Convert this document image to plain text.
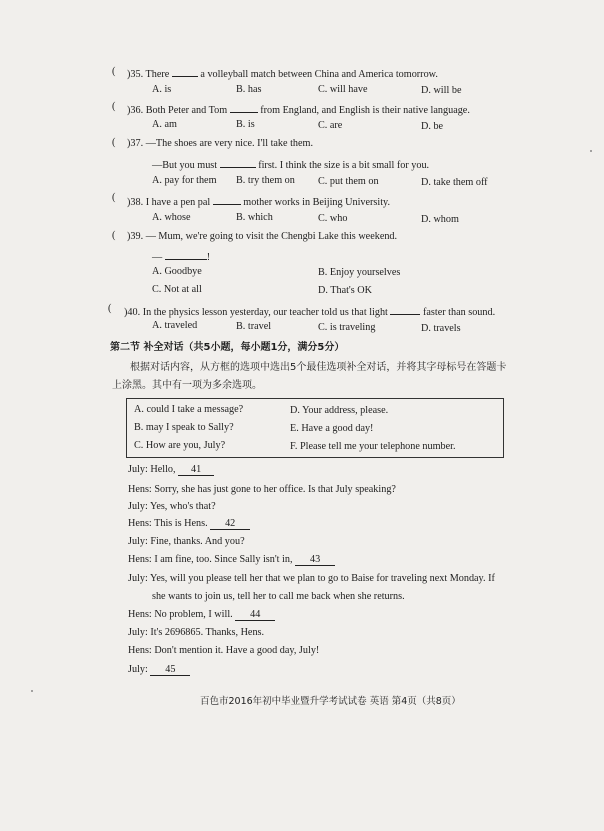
( )35. There	a volleyball match between China and America tomorrow.
A. is	B. has	C. will have	D. will be
( )36. Both Peter and Tom	from England, and English is their native language.
A. am	B. is	C. are	D. be
( )37. —The shoes are very nice. I'll take them.
—But you must	first. I think the size is a bit small for you.
A. pay for them B. try them on C. put them on	D. take them off
( )38. I have a pen pal	mother works in Beijing University.
A. whose	B. which	C. who	D. whom
( )39. — Mum, we're going to visit the Chengbi Lake this weekend.
—	!
A. Goodbye	B. Enjoy yourselves
C. Not at all	D. That's OK
( )40. In the physics lesson yesterday, our teacher told us that light	faster than sound.
A. traveled	B. travel	C. is traveling	D. travels
第二节 补全对话（共5小题，每小题1分，满分5分）
根据对话内容，从方框的选项中选出5个最佳选项补全对话，并将其字母标号在答题卡
上涂黑。其中有一项为多余选项。
A. could I take a message?
B. may I speak to Sally?
C. How are you, July?
D. Your address, please.
E. Have a good day!
F. Please tell me your telephone number.
July: Hello, 41
Hens: Sorry, she has just gone to her office. Is that July speaking?
July: Yes, who's that?
Hens: This is Hens. 42
July: Fine, thanks. And you?
Hens: I am fine, too. Since Sally isn't in, 43
July: Yes, will you please tell her that we plan to go to Baise for traveling next Monday. If
she wants to join us, tell her to call me back when she returns.
Hens: No problem, I will. 44
July: It's 2696865. Thanks, Hens.
Hens: Don't mention it. Have a good day, July!
July: 45
百色市2016年初中毕业暨升学考试试卷 英语 第4页（共8页）
